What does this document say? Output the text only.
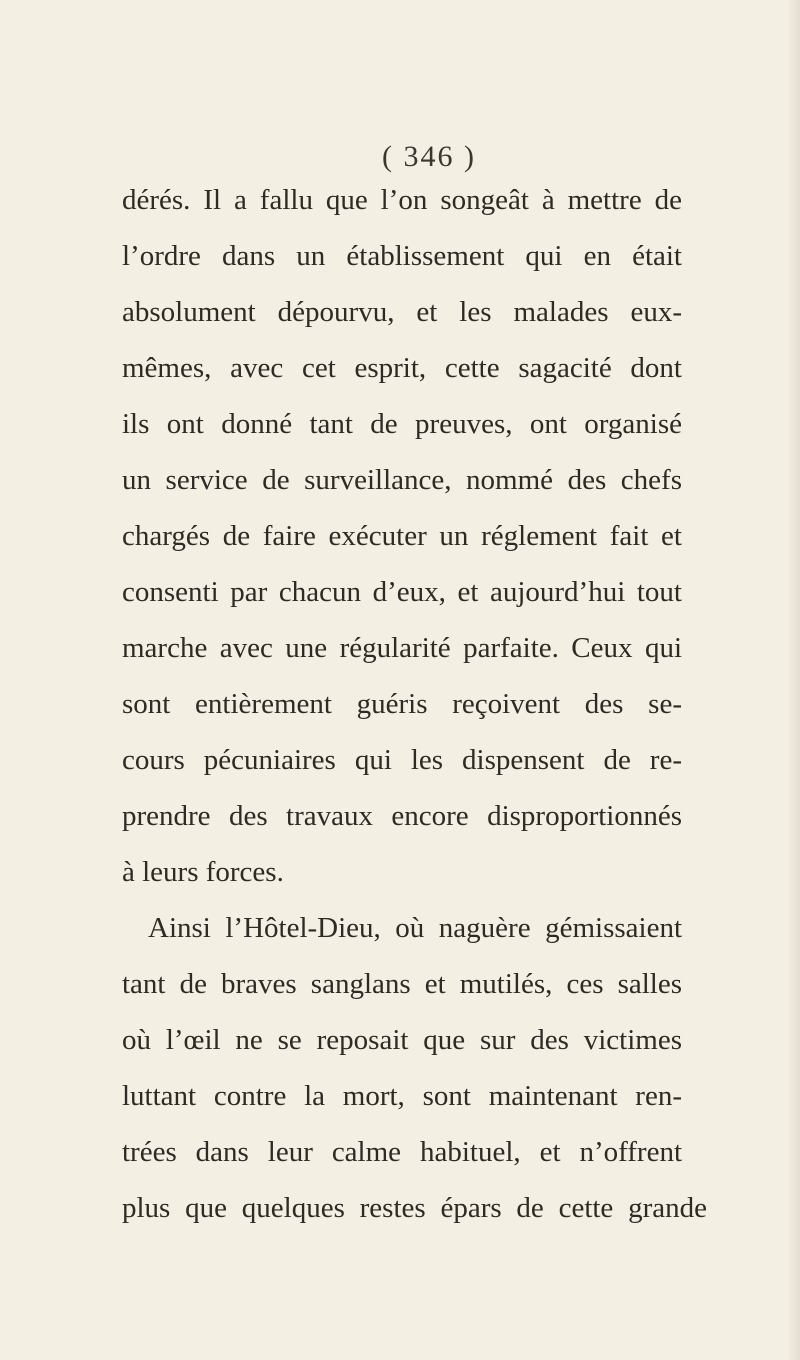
( 346 )
dérés. Il a fallu que l’on songeât à mettre de
l’ordre dans un établissement qui en était
absolument dépourvu, et les malades eux-
mêmes, avec cet esprit, cette sagacité dont
ils ont donné tant de preuves, ont organisé
un service de surveillance, nommé des chefs
chargés de faire exécuter un réglement fait et
consenti par chacun d’eux, et aujourd’hui tout
marche avec une régularité parfaite. Ceux qui
sont entièrement guéris reçoivent des se-
cours pécuniaires qui les dispensent de re-
prendre des travaux encore disproportionnés
à leurs forces.
Ainsi l’Hôtel-Dieu, où naguère gémissaient
tant de braves sanglans et mutilés, ces salles
où l’œil ne se reposait que sur des victimes
luttant contre la mort, sont maintenant ren-
trées dans leur calme habituel, et n’offrent
plus que quelques restes épars de cette grande
